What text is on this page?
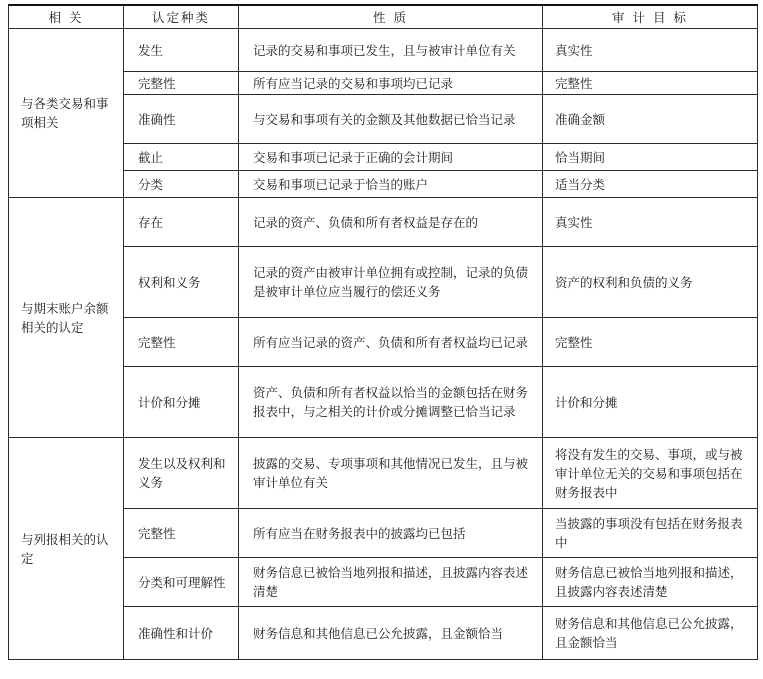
相 关	认定种类	性 质	审 计 目 标
与各类交易和事项相关	发生	记录的交易和事项已发生，且与被审计单位有关	真实性
	完整性	所有应当记录的交易和事项均已记录	完整性
	准确性	与交易和事项有关的金额及其他数据已恰当记录	准确金额
	截止	交易和事项已记录于正确的会计期间	恰当期间
	分类	交易和事项已记录于恰当的账户	适当分类
与期末账户余额相关的认定	存在	记录的资产、负债和所有者权益是存在的	真实性
	权利和义务	记录的资产由被审计单位拥有或控制，记录的负债是被审计单位应当履行的偿还义务	资产的权利和负债的义务
	完整性	所有应当记录的资产、负债和所有者权益均已记录	完整性
	计价和分摊	资产、负债和所有者权益以恰当的金额包括在财务报表中，与之相关的计价或分摊调整已恰当记录	计价和分摊
与列报相关的认定	发生以及权利和义务	披露的交易、专项事项和其他情况已发生，且与被审计单位有关	将没有发生的交易、事项，或与被审计单位无关的交易和事项包括在财务报表中
	完整性	所有应当在财务报表中的披露均已包括	当披露的事项没有包括在财务报表中
	分类和可理解性	财务信息已被恰当地列报和描述，且披露内容表述清楚	财务信息已被恰当地列报和描述，且披露内容表述清楚
	准确性和计价	财务信息和其他信息已公允披露，且金额恰当	财务信息和其他信息已公允披露，且金额恰当
